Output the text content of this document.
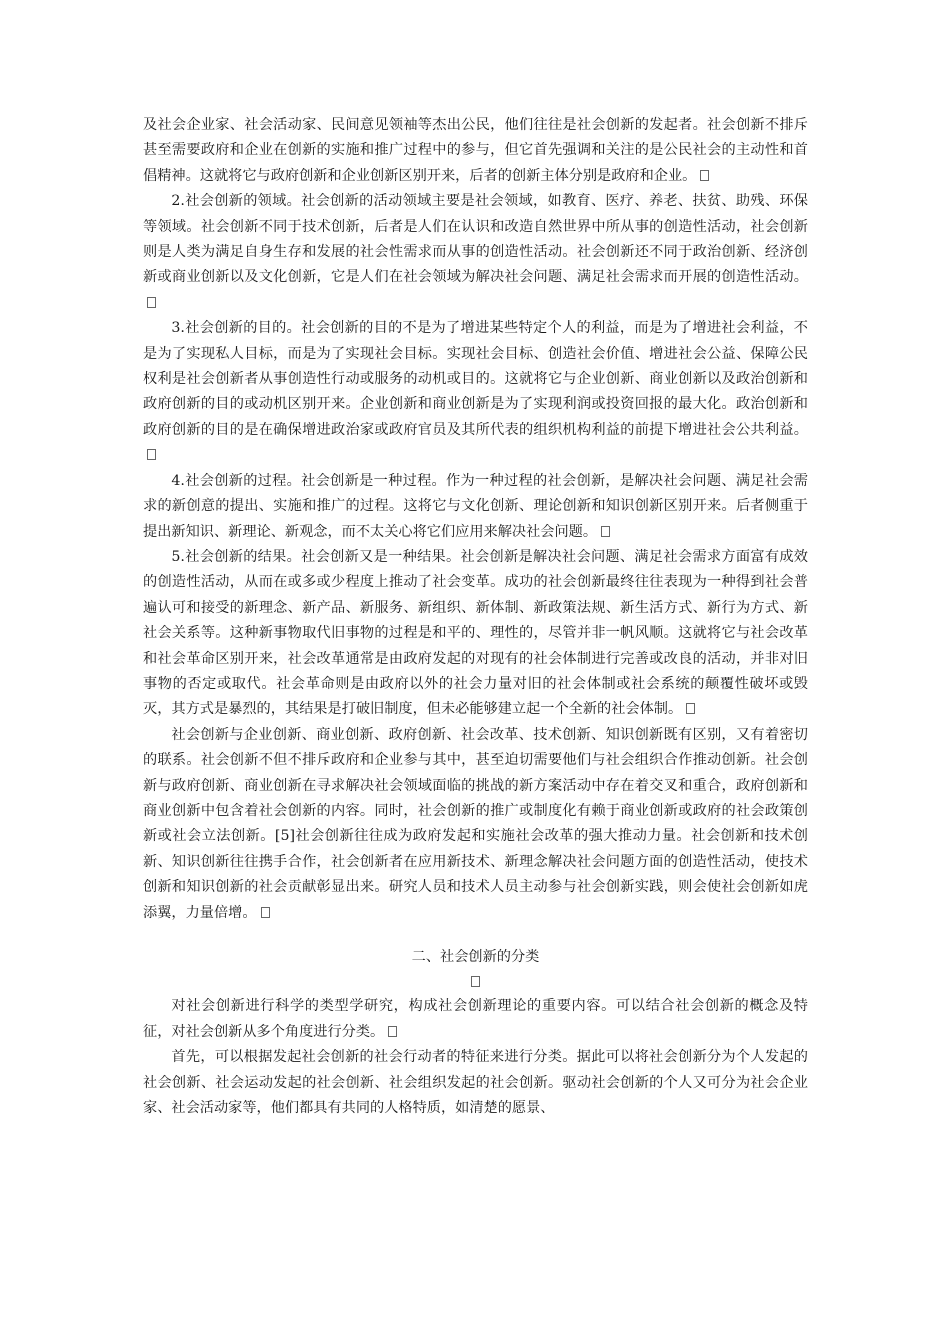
及社会企业家、社会活动家、民间意见领袖等杰出公民，他们往往是社会创新的发起者。社会创新不排斥甚至需要政府和企业在创新的实施和推广过程中的参与，但它首先强调和关注的是公民社会的主动性和首倡精神。这就将它与政府创新和企业创新区别开来，后者的创新主体分别是政府和企业。

2.社会创新的领域。社会创新的活动领域主要是社会领域，如教育、医疗、养老、扶贫、助残、环保等领域。社会创新不同于技术创新，后者是人们在认识和改造自然世界中所从事的创造性活动，社会创新则是人类为满足自身生存和发展的社会性需求而从事的创造性活动。社会创新还不同于政治创新、经济创新或商业创新以及文化创新，它是人们在社会领域为解决社会问题、满足社会需求而开展的创造性活动。

3.社会创新的目的。社会创新的目的不是为了增进某些特定个人的利益，而是为了增进社会利益，不是为了实现私人目标，而是为了实现社会目标。实现社会目标、创造社会价值、增进社会公益、保障公民权利是社会创新者从事创造性行动或服务的动机或目的。这就将它与企业创新、商业创新以及政治创新和政府创新的目的或动机区别开来。企业创新和商业创新是为了实现利润或投资回报的最大化。政治创新和政府创新的目的是在确保增进政治家或政府官员及其所代表的组织机构利益的前提下增进社会公共利益。

4.社会创新的过程。社会创新是一种过程。作为一种过程的社会创新，是解决社会问题、满足社会需求的新创意的提出、实施和推广的过程。这将它与文化创新、理论创新和知识创新区别开来。后者侧重于提出新知识、新理论、新观念，而不太关心将它们应用来解决社会问题。

5.社会创新的结果。社会创新又是一种结果。社会创新是解决社会问题、满足社会需求方面富有成效的创造性活动，从而在或多或少程度上推动了社会变革。成功的社会创新最终往往表现为一种得到社会普遍认可和接受的新理念、新产品、新服务、新组织、新体制、新政策法规、新生活方式、新行为方式、新社会关系等。这种新事物取代旧事物的过程是和平的、理性的，尽管并非一帆风顺。这就将它与社会改革和社会革命区别开来，社会改革通常是由政府发起的对现有的社会体制进行完善或改良的活动，并非对旧事物的否定或取代。社会革命则是由政府以外的社会力量对旧的社会体制或社会系统的颠覆性破坏或毁灭，其方式是暴烈的，其结果是打破旧制度，但未必能够建立起一个全新的社会体制。

社会创新与企业创新、商业创新、政府创新、社会改革、技术创新、知识创新既有区别，又有着密切的联系。社会创新不但不排斥政府和企业参与其中，甚至迫切需要他们与社会组织合作推动创新。社会创新与政府创新、商业创新在寻求解决社会领域面临的挑战的新方案活动中存在着交叉和重合，政府创新和商业创新中包含着社会创新的内容。同时，社会创新的推广或制度化有赖于商业创新或政府的社会政策创新或社会立法创新。[5]社会创新往往成为政府发起和实施社会改革的强大推动力量。社会创新和技术创新、知识创新往往携手合作，社会创新者在应用新技术、新理念解决社会问题方面的创造性活动，使技术创新和知识创新的社会贡献彰显出来。研究人员和技术人员主动参与社会创新实践，则会使社会创新如虎添翼，力量倍增。

二、社会创新的分类

对社会创新进行科学的类型学研究，构成社会创新理论的重要内容。可以结合社会创新的概念及特征，对社会创新从多个角度进行分类。

首先，可以根据发起社会创新的社会行动者的特征来进行分类。据此可以将社会创新分为个人发起的社会创新、社会运动发起的社会创新、社会组织发起的社会创新。驱动社会创新的个人又可分为社会企业家、社会活动家等，他们都具有共同的人格特质，如清楚的愿景、
